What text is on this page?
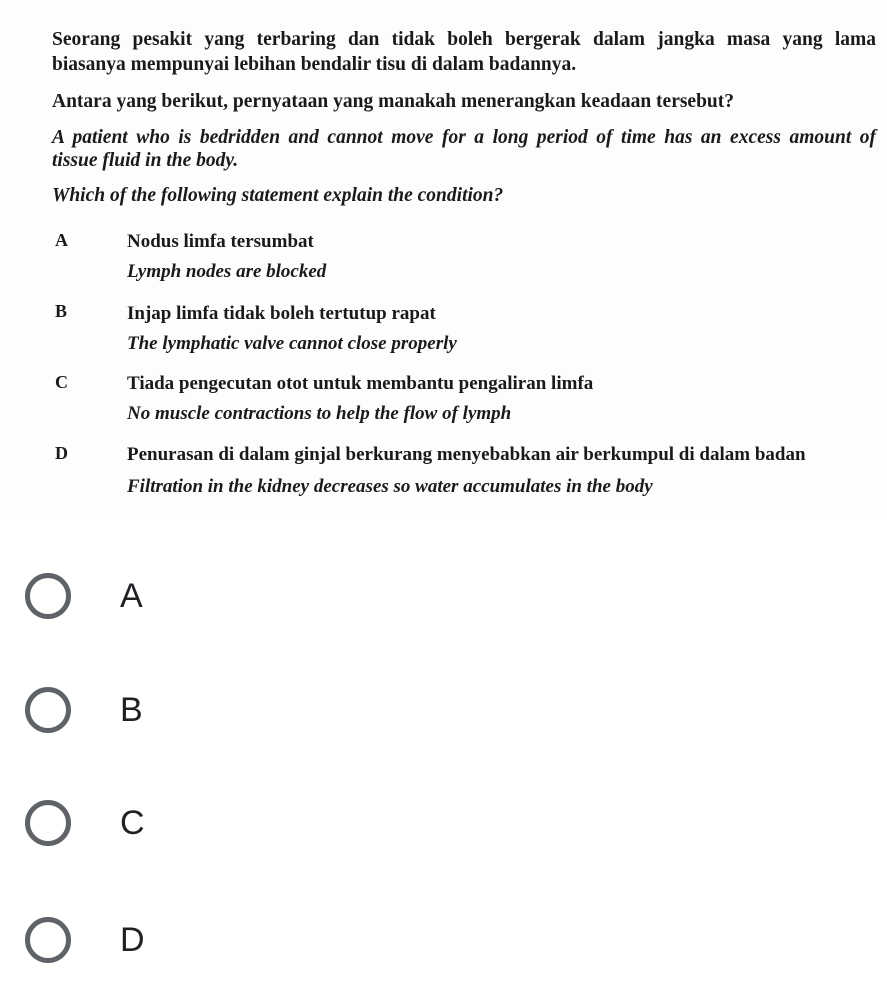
Seorang pesakit yang terbaring dan tidak boleh bergerak dalam jangka masa yang lama
biasanya mempunyai lebihan bendalir tisu di dalam badannya.
Antara yang berikut, pernyataan yang manakah menerangkan keadaan tersebut?
A patient who is bedridden and cannot move for a long period of time has an excess amount of
tissue fluid in the body.
Which of the following statement explain the condition?
A	Nodus limfa tersumbat
Lymph nodes are blocked
B	Injap limfa tidak boleh tertutup rapat
The lymphatic valve cannot close properly
C	Tiada pengecutan otot untuk membantu pengaliran limfa
No muscle contractions to help the flow of lymph
D	Penurasan di dalam ginjal berkurang menyebabkan air berkumpul di dalam badan
Filtration in the kidney decreases so water accumulates in the body
A
B
C
D
